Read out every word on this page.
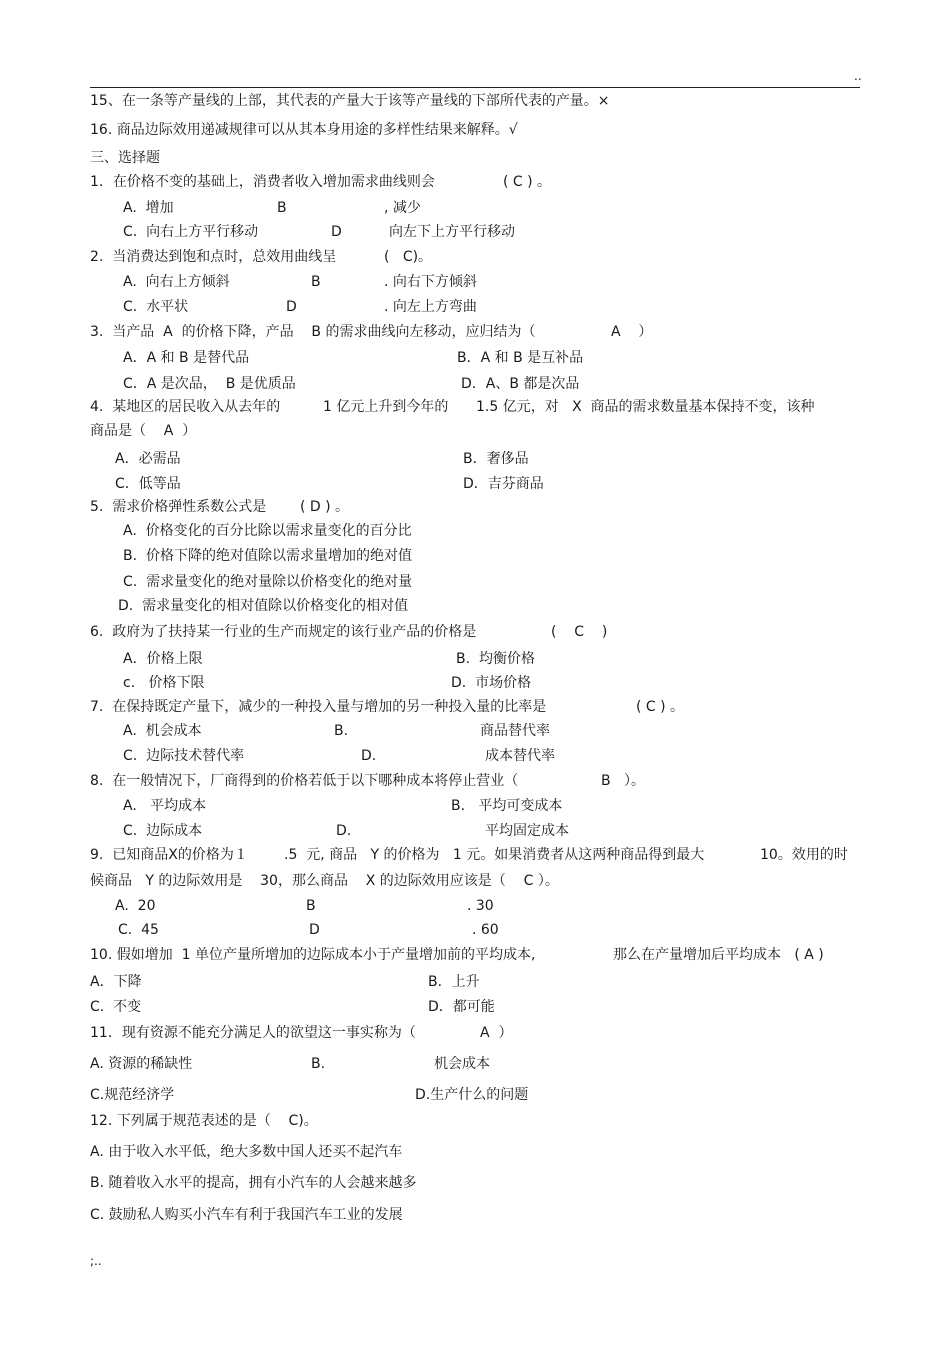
..
15、在一条等产量线的上部，其代表的产量大于该等产量线的下部所代表的产量。×
16. 商品边际效用递减规律可以从其本身用途的多样性结果来解释。√
三、选择题
1．在价格不变的基础上，消费者收入增加需求曲线则会	( C ) 。
A.  增加	B	, 减少
C.  向右上方平行移动	D	向左下上方平行移动
2.  当消费达到饱和点时，总效用曲线呈	(   C)。
A.  向右上方倾斜	B	. 向右下方倾斜
C.  水平状	D	. 向左上方弯曲
3.  当产品  A  的价格下降，产品    B 的需求曲线向左移动，应归结为（	A    ）
A．A 和 B 是替代品	B．A 和 B 是互补品
C．A 是次品，  B 是优质品	D．A、B 都是次品
4.  某地区的居民收入从去年的	1 亿元上升到今年的 1.5 亿元，对   X  商品的需求数量基本保持不变，该种
商品是（    A  ）
A．必需品	B．奢侈品
C．低等品	D．吉芬商品
5.  需求价格弹性系数公式是 ( D ) 。
A.  价格变化的百分比除以需求量变化的百分比
B.  价格下降的绝对值除以需求量增加的绝对值
C.  需求量变化的绝对量除以价格变化的绝对量
D.  需求量变化的相对值除以价格变化的相对值
6.  政府为了扶持某一行业的生产而规定的该行业产品的价格是	(    C    )
A．价格上限	B.  均衡价格
c.   价格下限	D.  市场价格
7.  在保持既定产量下，减少的一种投入量与增加的另一种投入量的比率是	( C ) 。
A.  机会成本	B.	商品替代率
C.  边际技术替代率	D.	成本替代率
8.  在一般情况下，厂商得到的价格若低于以下哪种成本将停止营业（	B   ）。
A.   平均成本	B.   平均可变成本
C.  边际成本	D.	平均固定成本
9.  已知商品X的价格为１	.5  元, 商品   Y 的价格为   1 元。如果消费者从这两种商品得到最大	10。效用的时
候商品   Y 的边际效用是    30，那么商品    X 的边际效用应该是（    C ）。
A.  20	B	. 30
C.  45	D	. 60
10. 假如增加  1 单位产量所增加的边际成本小于产量增加前的平均成本,	那么在产量增加后平均成本   ( A )
A．下降	B．上升
C.  不变	D．都可能
11．现有资源不能充分满足人的欲望这一事实称为（	A  ）
A. 资源的稀缺性	B.	机会成本
C.规范经济学	D.生产什么的问题
12. 下列属于规范表述的是（    C)。
A. 由于收入水平低，绝大多数中国人还买不起汽车
B. 随着收入水平的提高，拥有小汽车的人会越来越多
C. 鼓励私人购买小汽车有利于我国汽车工业的发展
;..
